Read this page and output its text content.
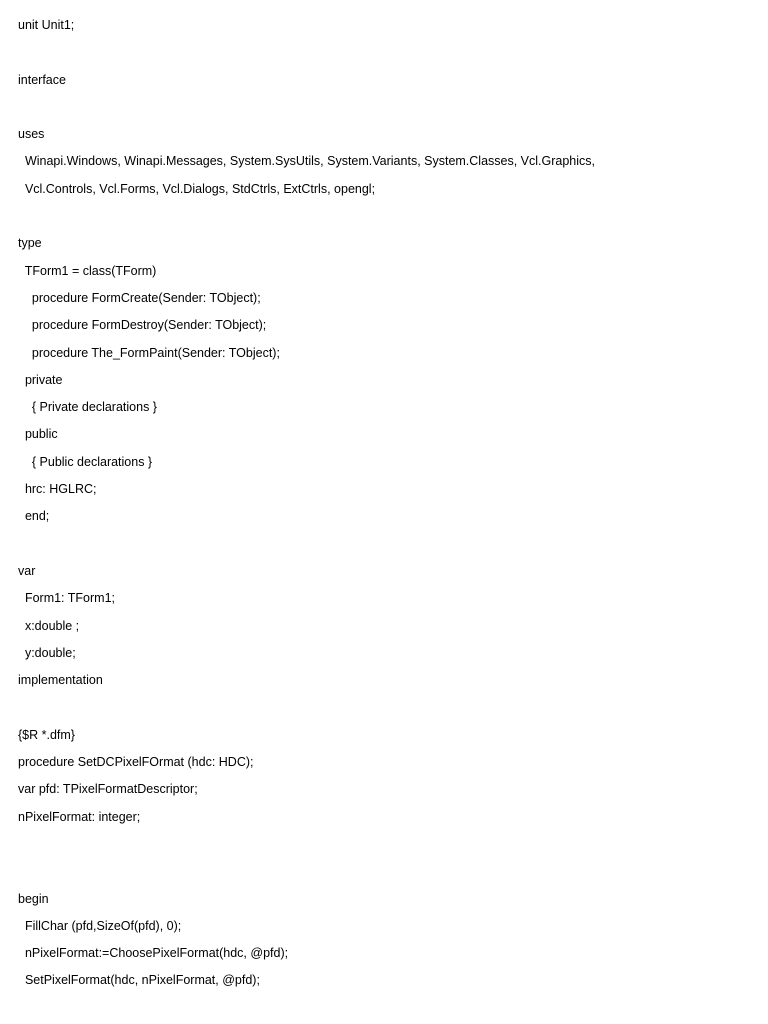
unit Unit1;
interface
uses
Winapi.Windows, Winapi.Messages, System.SysUtils, System.Variants, System.Classes, Vcl.Graphics,
Vcl.Controls, Vcl.Forms, Vcl.Dialogs, StdCtrls, ExtCtrls, opengl;
type
TForm1 = class(TForm)
procedure FormCreate(Sender: TObject);
procedure FormDestroy(Sender: TObject);
procedure The_FormPaint(Sender: TObject);
private
{ Private declarations }
public
{ Public declarations }
hrc: HGLRC;
end;
var
Form1: TForm1;
x:double ;
y:double;
implementation
{$R *.dfm}
procedure SetDCPixelFOrmat (hdc: HDC);
var pfd: TPixelFormatDescriptor;
nPixelFormat: integer;
begin
FillChar (pfd,SizeOf(pfd), 0);
nPixelFormat:=ChoosePixelFormat(hdc, @pfd);
SetPixelFormat(hdc, nPixelFormat, @pfd);
